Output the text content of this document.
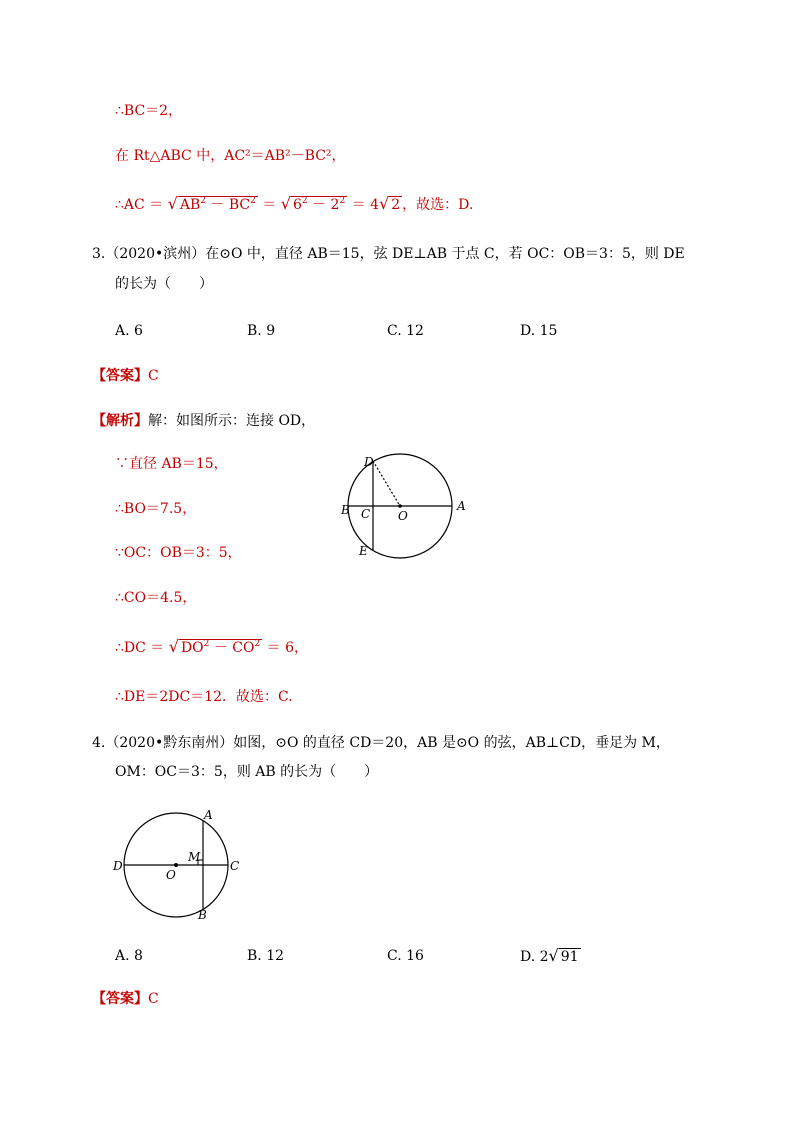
∴BC＝2，
在 Rt△ABC 中，AC²＝AB²－BC²，
∴AC ＝ √ $AB^2 - BC^2$ ＝ √ $6^2 - 2^2 = 4√$ 2 ，故选：D.
3.（2020•滨州）在⊙O 中，直径 AB＝15，弦 DE⊥AB 于点 C，若 OC：OB＝3：5，则 DE
的长为（　　）
A. 6	B. 9	C. 12	D. 15
【答案】C
【解析】解：如图所示：连接 OD，
∵直径 AB＝15，
∴BO＝7.5，
∵OC：OB＝3：5，
∴CO＝4.5，
∴DC ＝ √ $DO^2 - CO^2 = 6$，
∴DE＝2DC＝12．故选：C.
D
B C O
A
E
4.（2020•黔东南州）如图，⊙O 的直径 CD＝20，AB 是⊙O 的弦，AB⊥CD，垂足为 M，
OM：OC＝3：5，则 AB 的长为（　　）
A
M
D
O
C
B
A. 8	B. 12	C. 16	D. 2√ 91
【答案】C
